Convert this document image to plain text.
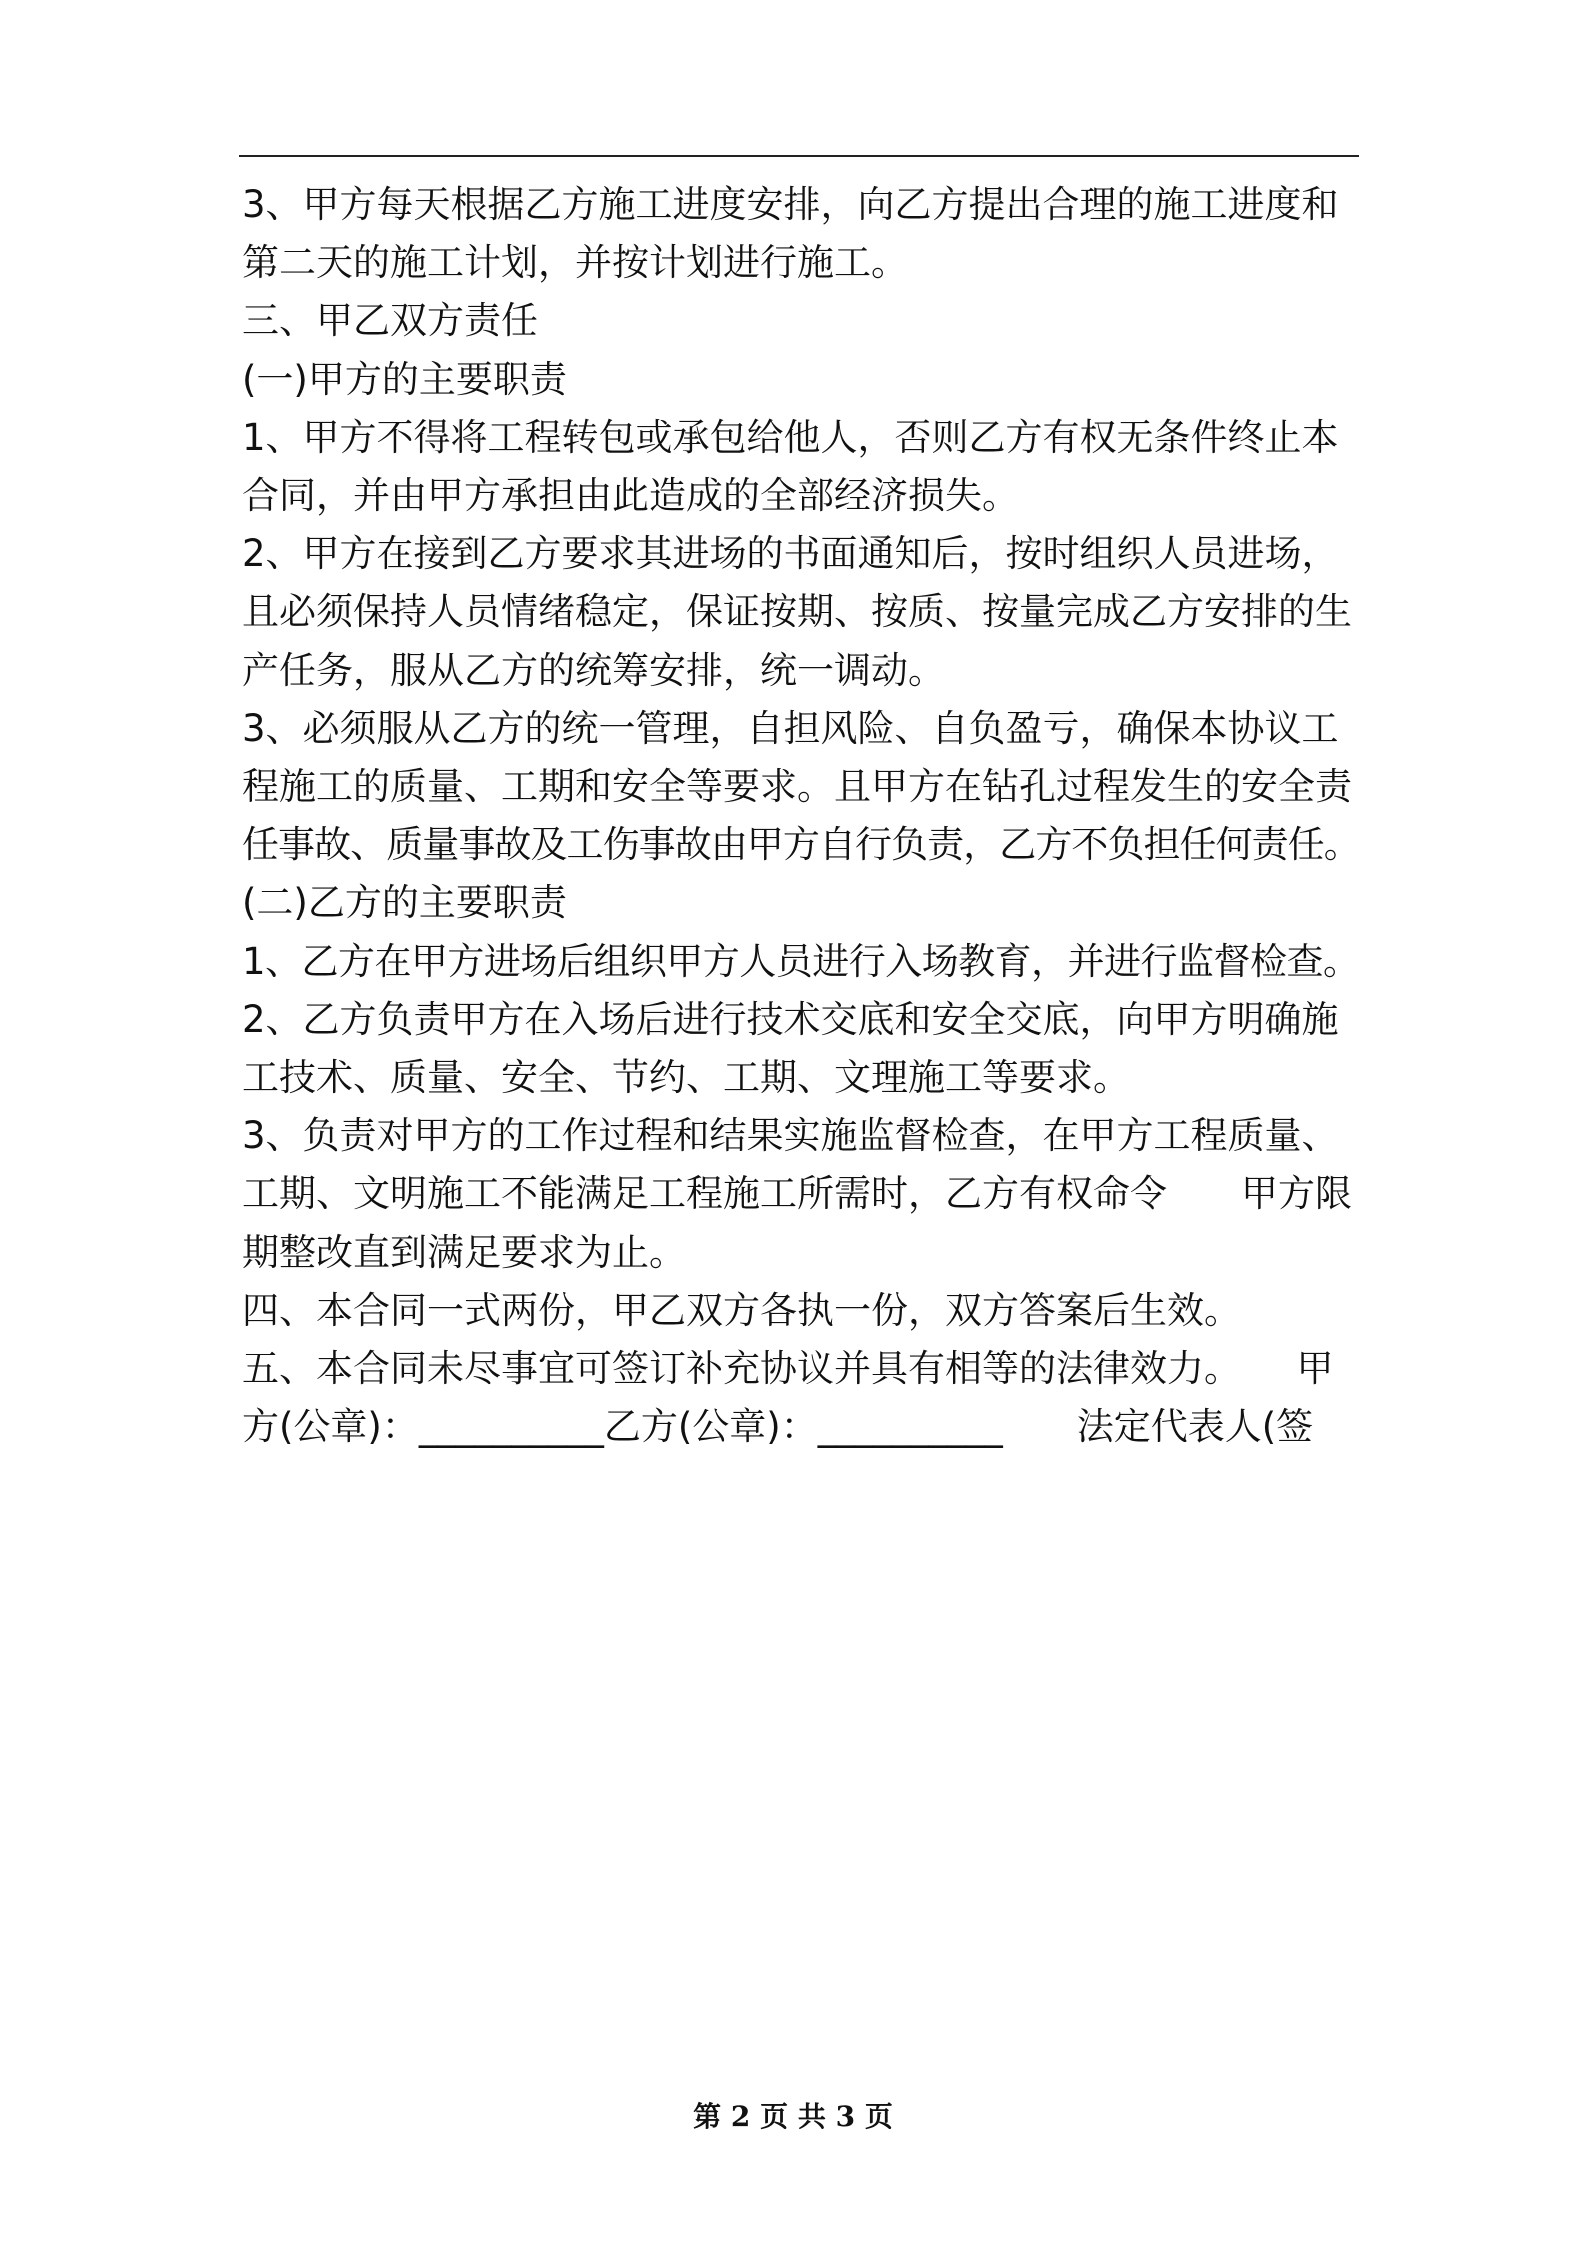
3、甲方每天根据乙方施工进度安排，向乙方提出合理的施工进度和
第二天的施工计划，并按计划进行施工。
三、甲乙双方责任
(一)甲方的主要职责
1、甲方不得将工程转包或承包给他人，否则乙方有权无条件终止本
合同，并由甲方承担由此造成的全部经济损失。
2、甲方在接到乙方要求其进场的书面通知后，按时组织人员进场，
且必须保持人员情绪稳定，保证按期、按质、按量完成乙方安排的生
产任务，服从乙方的统筹安排，统一调动。
3、必须服从乙方的统一管理，自担风险、自负盈亏，确保本协议工
程施工的质量、工期和安全等要求。且甲方在钻孔过程发生的安全责
任事故、质量事故及工伤事故由甲方自行负责，乙方不负担任何责任。
(二)乙方的主要职责
1、乙方在甲方进场后组织甲方人员进行入场教育，并进行监督检查。
2、乙方负责甲方在入场后进行技术交底和安全交底，向甲方明确施
工技术、质量、安全、节约、工期、文理施工等要求。
3、负责对甲方的工作过程和结果实施监督检查，在甲方工程质量、
工期、文明施工不能满足工程施工所需时，乙方有权命令　　甲方限
期整改直到满足要求为止。
四、本合同一式两份，甲乙双方各执一份，双方答案后生效。
五、本合同未尽事宜可签订补充协议并具有相等的法律效力。　　甲
方(公章)：__________乙方(公章)：__________　　法定代表人(签
第 2 页 共 3 页
